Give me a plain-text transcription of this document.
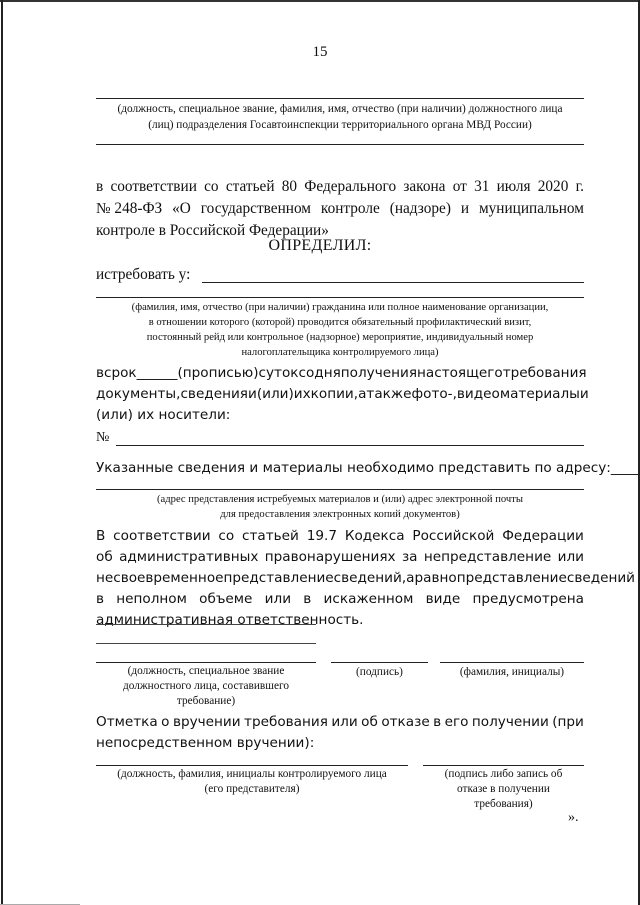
15
(должность, специальное звание, фамилия, имя, отчество (при наличии) должностного лица
(лиц) подразделения Госавтоинспекции территориального органа МВД России)
в соответствии со статьей 80 Федерального закона от 31 июля 2020 г.
№ 248-ФЗ «О государственном контроле (надзоре) и муниципальном
контроле в Российской Федерации»
ОПРЕДЕЛИЛ:
истребовать у:
(фамилия, имя, отчество (при наличии) гражданина или полное наименование организации,
в отношении которого (которой) проводится обязательный профилактический визит,
постоянный рейд или контрольное (надзорное) мероприятие, индивидуальный номер
налогоплательщика контролируемого лица)
в срок ______ (прописью) суток со дня получения настоящего требования
документы, сведения и (или) их копии, а также фото-, видеоматериалы и
(или) их носители:
№
Указанные сведения и материалы необходимо представить по адресу: ____
(адрес представления истребуемых материалов и (или) адрес электронной почты
для предоставления электронных копий документов)
В соответствии со статьей 19.7 Кодекса Российской Федерации
об административных правонарушениях за непредставление или
несвоевременное представление сведений, а равно представление сведений
в неполном объеме или в искаженном виде предусмотрена
административная ответственность.
(должность, специальное звание
должностного лица, составившего
требование)
(подпись)	(фамилия, инициалы)
Отметка о вручении требования или об отказе в его получении (при
непосредственном вручении):
(должность, фамилия, инициалы контролируемого лица
(его представителя)
(подпись либо запись об
отказе в получении
требования)
».
